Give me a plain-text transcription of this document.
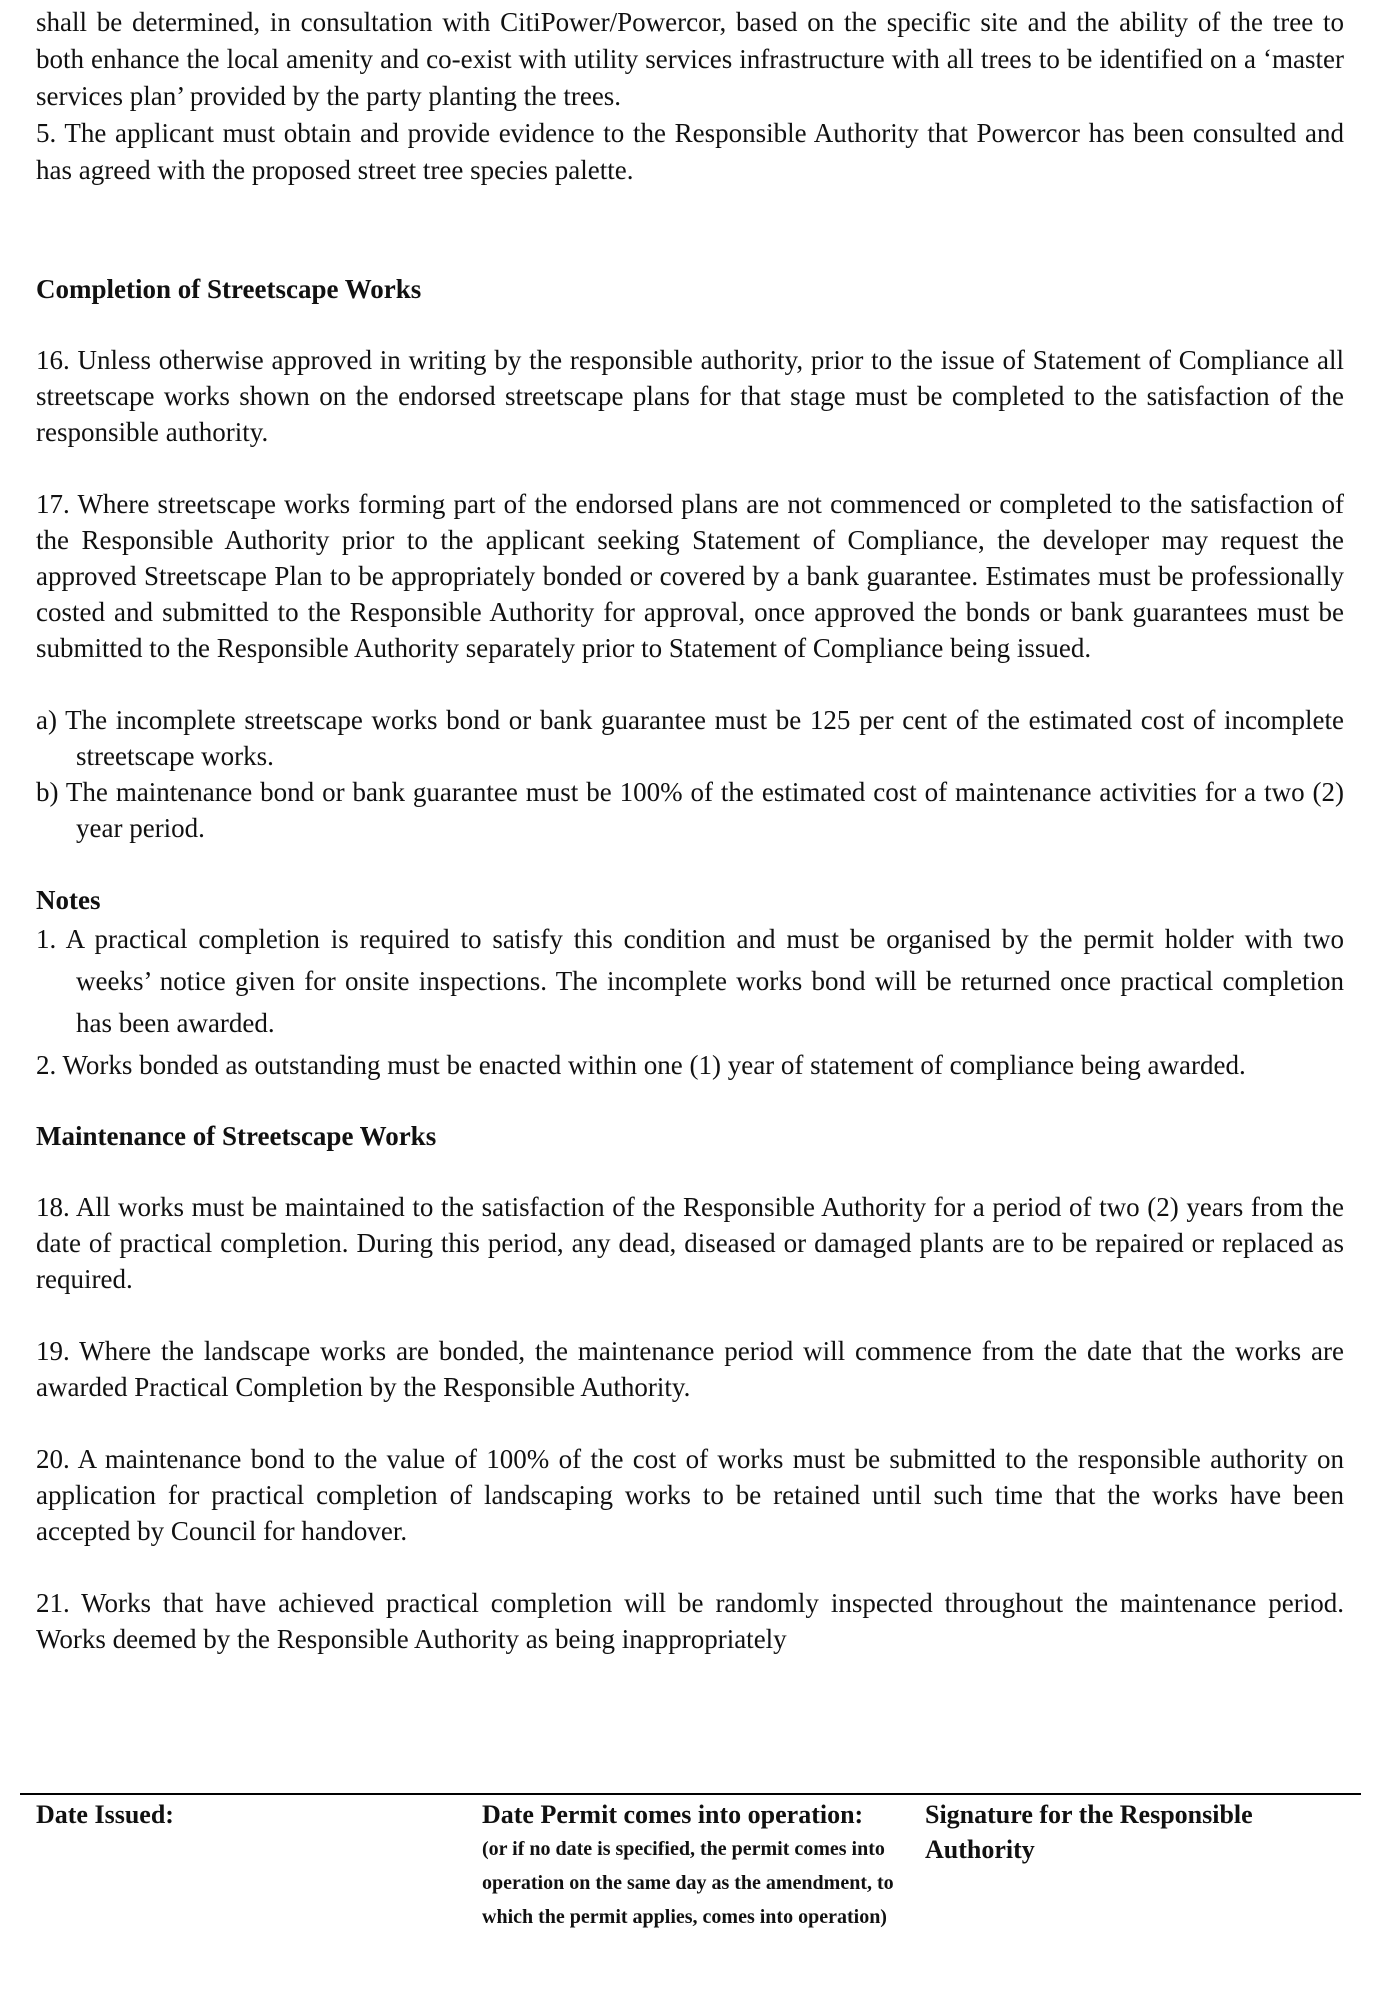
shall be determined, in consultation with CitiPower/Powercor, based on the specific site and the ability of the tree to both enhance the local amenity and co-exist with utility services infrastructure with all trees to be identified on a ‘master services plan’ provided by the party planting the trees.

5. The applicant must obtain and provide evidence to the Responsible Authority that Powercor has been consulted and has agreed with the proposed street tree species palette.

Completion of Streetscape Works

16. Unless otherwise approved in writing by the responsible authority, prior to the issue of Statement of Compliance all streetscape works shown on the endorsed streetscape plans for that stage must be completed to the satisfaction of the responsible authority.

17. Where streetscape works forming part of the endorsed plans are not commenced or completed to the satisfaction of the Responsible Authority prior to the applicant seeking Statement of Compliance, the developer may request the approved Streetscape Plan to be appropriately bonded or covered by a bank guarantee. Estimates must be professionally costed and submitted to the Responsible Authority for approval, once approved the bonds or bank guarantees must be submitted to the Responsible Authority separately prior to Statement of Compliance being issued.

a) The incomplete streetscape works bond or bank guarantee must be 125 per cent of the estimated cost of incomplete streetscape works.

b) The maintenance bond or bank guarantee must be 100% of the estimated cost of maintenance activities for a two (2) year period.

Notes

1. A practical completion is required to satisfy this condition and must be organised by the permit holder with two weeks’ notice given for onsite inspections. The incomplete works bond will be returned once practical completion has been awarded.

2. Works bonded as outstanding must be enacted within one (1) year of statement of compliance being awarded.

Maintenance of Streetscape Works

18. All works must be maintained to the satisfaction of the Responsible Authority for a period of two (2) years from the date of practical completion. During this period, any dead, diseased or damaged plants are to be repaired or replaced as required.

19. Where the landscape works are bonded, the maintenance period will commence from the date that the works are awarded Practical Completion by the Responsible Authority.

20. A maintenance bond to the value of 100% of the cost of works must be submitted to the responsible authority on application for practical completion of landscaping works to be retained until such time that the works have been accepted by Council for handover.

21. Works that have achieved practical completion will be randomly inspected throughout the maintenance period. Works deemed by the Responsible Authority as being inappropriately

Date Issued:	Date Permit comes into operation:
(or if no date is specified, the permit comes into operation on the same day as the amendment, to which the permit applies, comes into operation)
Signature for the Responsible Authority
